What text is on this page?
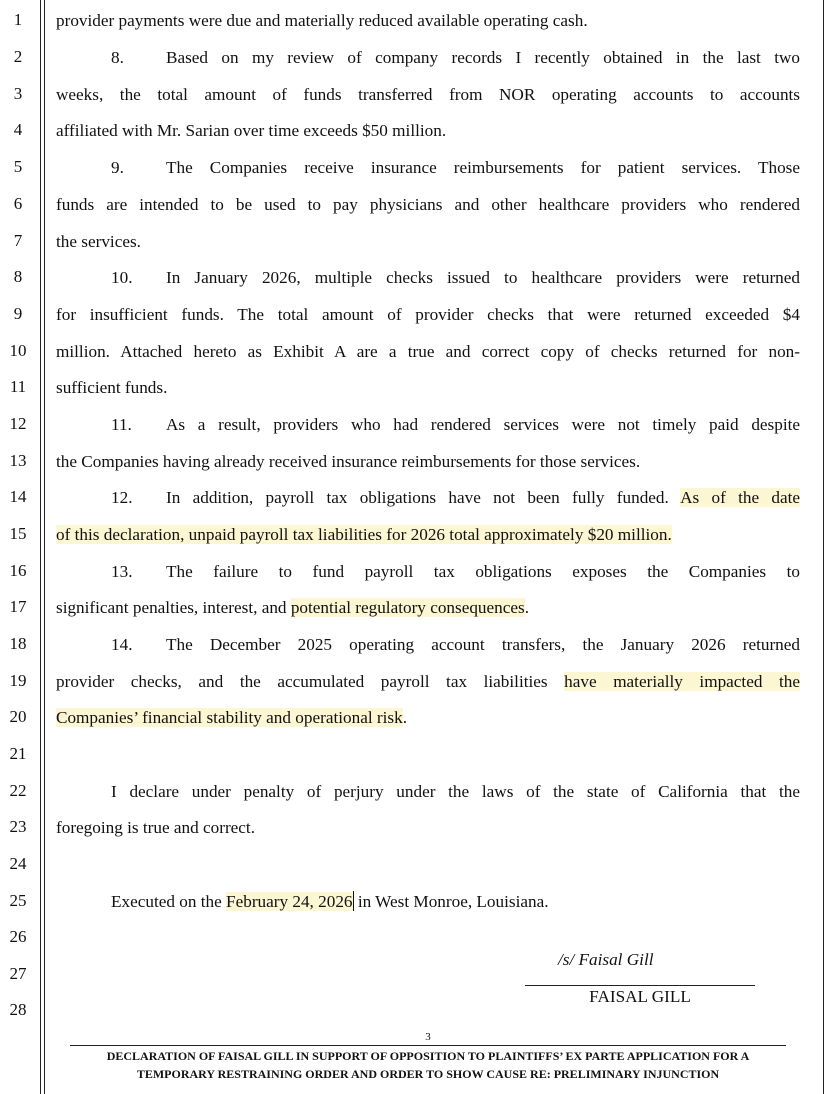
1
2
3
4
5
6
7
8
9
10
11
12
13
14
15
16
17
18
19
20
21
22
23
24
25
26
27
28
provider payments were due and materially reduced available operating cash.
8. Based on my review of company records I recently obtained in the last two
weeks, the total amount of funds transferred from NOR operating accounts to accounts
affiliated with Mr. Sarian over time exceeds $50 million.
9. The Companies receive insurance reimbursements for patient services. Those
funds are intended to be used to pay physicians and other healthcare providers who rendered
the services.
10. In January 2026, multiple checks issued to healthcare providers were returned
for insufficient funds. The total amount of provider checks that were returned exceeded $4
million. Attached hereto as Exhibit A are a true and correct copy of checks returned for non-
sufficient funds.
11. As a result, providers who had rendered services were not timely paid despite
the Companies having already received insurance reimbursements for those services.
12. In addition, payroll tax obligations have not been fully funded. As of the date
of this declaration, unpaid payroll tax liabilities for 2026 total approximately $20 million.
13. The failure to fund payroll tax obligations exposes the Companies to
significant penalties, interest, and potential regulatory consequences.
14. The December 2025 operating account transfers, the January 2026 returned
provider checks, and the accumulated payroll tax liabilities have materially impacted the
Companies’ financial stability and operational risk.
I declare under penalty of perjury under the laws of the state of California that the
foregoing is true and correct.
Executed on the February 24, 2026 in West Monroe, Louisiana.
/s/ Faisal Gill
FAISAL GILL
3
DECLARATION OF FAISAL GILL IN SUPPORT OF OPPOSITION TO PLAINTIFFS’ EX PARTE APPLICATION FOR A
TEMPORARY RESTRAINING ORDER AND ORDER TO SHOW CAUSE RE: PRELIMINARY INJUNCTION
